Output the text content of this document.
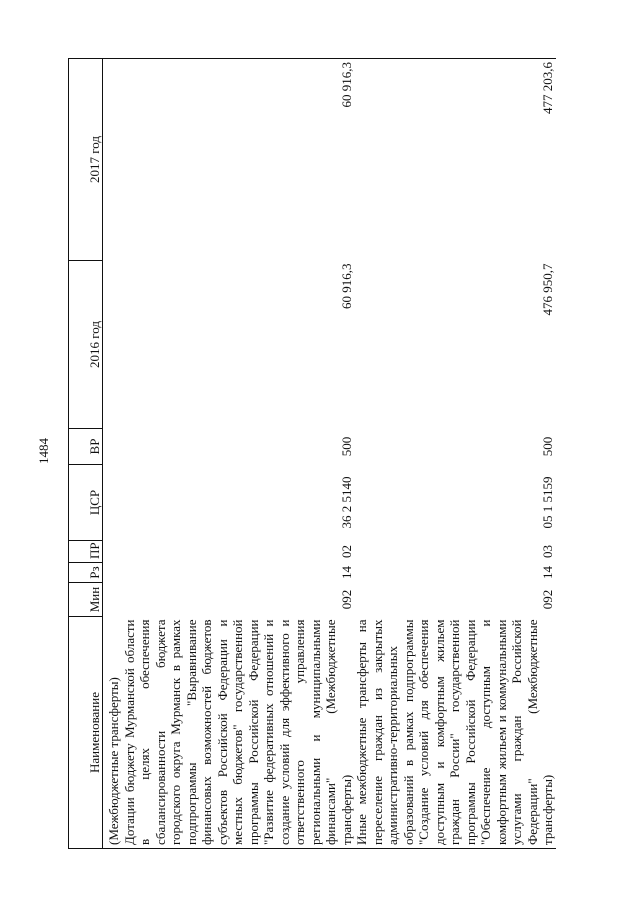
1484
Наименование	Мин	Рз	ПР	ЦСР	ВР	2016 год	2017 год
(Межбюджетные трансферты)							
Дотации бюджету Мурманской области в целях обеспечения сбалансированности бюджета городского округа Мурманск в рамках подпрограммы "Выравнивание финансовых возможностей бюджетов субъектов Российской Федерации и местных бюджетов" государственной программы Российской Федерации "Развитие федеративных отношений и создание условий для эффективного и ответственного управления региональными и муниципальными финансами" (Межбюджетные трансферты)	092	14	02	36 2 5140	500	60 916,3	60 916,3
Иные межбюджетные трансферты на переселение граждан из закрытых административно-территориальных образований в рамках подпрограммы "Создание условий для обеспечения доступным и комфортным жильем граждан России" государственной программы Российской Федерации "Обеспечение доступным и комфортным жильем и коммунальными услугами граждан Российской Федерации" (Межбюджетные трансферты)	092	14	03	05 1 5159	500	476 950,7	477 203,6
